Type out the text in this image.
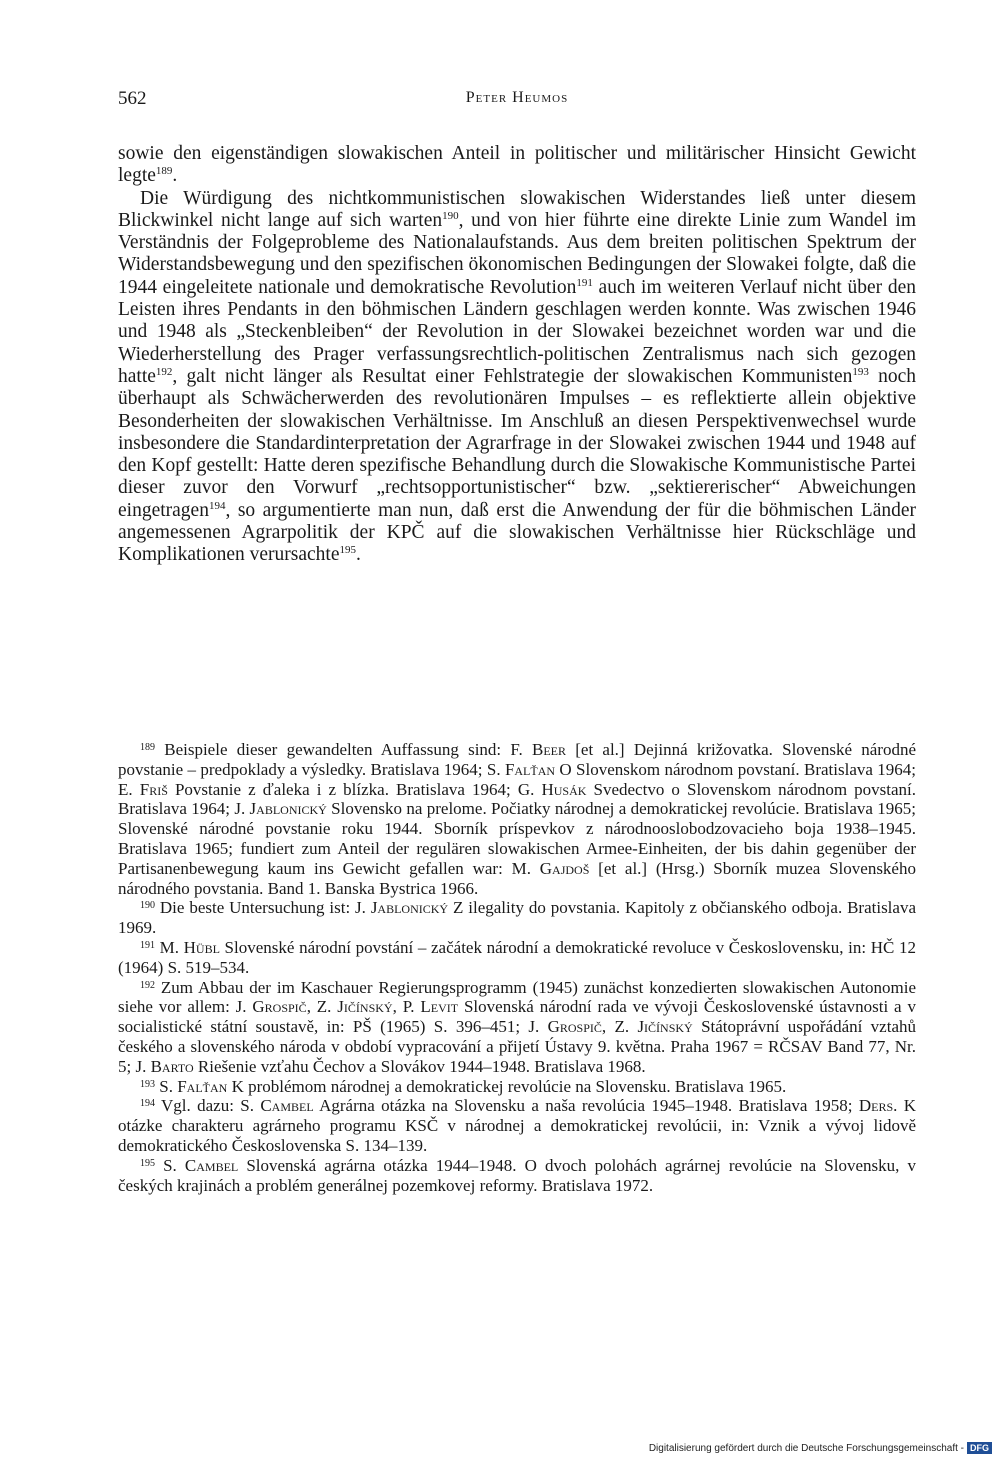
562	Peter Heumos

sowie den eigenständigen slowakischen Anteil in politischer und militärischer Hinsicht Gewicht legte$^{189}$.

Die Würdigung des nichtkommunistischen slowakischen Widerstandes ließ unter diesem Blickwinkel nicht lange auf sich warten$^{190}$, und von hier führte eine direkte Linie zum Wandel im Verständnis der Folgeprobleme des Nationalaufstands. Aus dem breiten politischen Spektrum der Widerstandsbewegung und den spezifischen ökonomischen Bedingungen der Slowakei folgte, daß die 1944 eingeleitete nationale und demokratische Revolution$^{191}$ auch im weiteren Verlauf nicht über den Leisten ihres Pendants in den böhmischen Ländern geschlagen werden konnte. Was zwischen 1946 und 1948 als „Steckenbleiben“ der Revolution in der Slowakei bezeichnet worden war und die Wiederherstellung des Prager verfassungsrechtlich-politischen Zentralismus nach sich gezogen hatte$^{192}$, galt nicht länger als Resultat einer Fehlstrategie der slowakischen Kommunisten$^{193}$ noch überhaupt als Schwächerwerden des revolutionären Impulses – es reflektierte allein objektive Besonderheiten der slowakischen Verhältnisse. Im Anschluß an diesen Perspektivenwechsel wurde insbesondere die Standardinterpretation der Agrarfrage in der Slowakei zwischen 1944 und 1948 auf den Kopf gestellt: Hatte deren spezifische Behandlung durch die Slowakische Kommunistische Partei dieser zuvor den Vorwurf „rechtsopportunistischer“ bzw. „sektiererischer“ Abweichungen eingetragen$^{194}$, so argumentierte man nun, daß erst die Anwendung der für die böhmischen Länder angemessenen Agrarpolitik der KPČ auf die slowakischen Verhältnisse hier Rückschläge und Komplikationen verursachte$^{195}$.

$^{189}$ Beispiele dieser gewandelten Auffassung sind: F. Beer [et al.] Dejinná križovatka. Slovenské národné povstanie – predpoklady a výsledky. Bratislava 1964; S. Falťan O Slovenskom národnom povstaní. Bratislava 1964; E. Friš Povstanie z ďaleka i z blízka. Bratislava 1964; G. Husák Svedectvo o Slovenskom národnom povstaní. Bratislava 1964; J. Jablonický Slovensko na prelome. Počiatky národnej a demokratickej revolúcie. Bratislava 1965; Slovenské národné povstanie roku 1944. Sborník príspevkov z národnooslobodzovacieho boja 1938–1945. Bratislava 1965; fundiert zum Anteil der regulären slowakischen Armee-Einheiten, der bis dahin gegenüber der Partisanenbewegung kaum ins Gewicht gefallen war: M. Gajdoš [et al.] (Hrsg.) Sborník muzea Slovenského národného povstania. Band 1. Banska Bystrica 1966.

$^{190}$ Die beste Untersuchung ist: J. Jablonický Z ilegality do povstania. Kapitoly z občianského odboja. Bratislava 1969.

$^{191}$ M. Hübl Slovenské národní povstání – začátek národní a demokratické revoluce v Československu, in: HČ 12 (1964) S. 519–534.

$^{192}$ Zum Abbau der im Kaschauer Regierungsprogramm (1945) zunächst konzedierten slowakischen Autonomie siehe vor allem: J. Grospič, Z. Jičínský, P. Levit Slovenská národní rada ve vývoji Československé ústavnosti a v socialistické státní soustavě, in: PŠ (1965) S. 396–451; J. Grospič, Z. Jičínský Státoprávní uspořádání vztahů českého a slovenského národa v období vypracování a přijetí Ústavy 9. května. Praha 1967 = RČSAV Band 77, Nr. 5; J. Barto Riešenie vzťahu Čechov a Slovákov 1944–1948. Bratislava 1968.

$^{193}$ S. Falťan K problémom národnej a demokratickej revolúcie na Slovensku. Bratislava 1965.

$^{194}$ Vgl. dazu: S. Cambel Agrárna otázka na Slovensku a naša revolúcia 1945–1948. Bratislava 1958; Ders. K otázke charakteru agrárneho programu KSČ v národnej a demokratickej revolúcii, in: Vznik a vývoj lidově demokratického Československa S. 134–139.

$^{195}$ S. Cambel Slovenská agrárna otázka 1944–1948. O dvoch polohách agrárnej revolúcie na Slovensku, v českých krajinách a problém generálnej pozemkovej reformy. Bratislava 1972.

Digitalisierung gefördert durch die Deutsche Forschungsgemeinschaft - DFG
